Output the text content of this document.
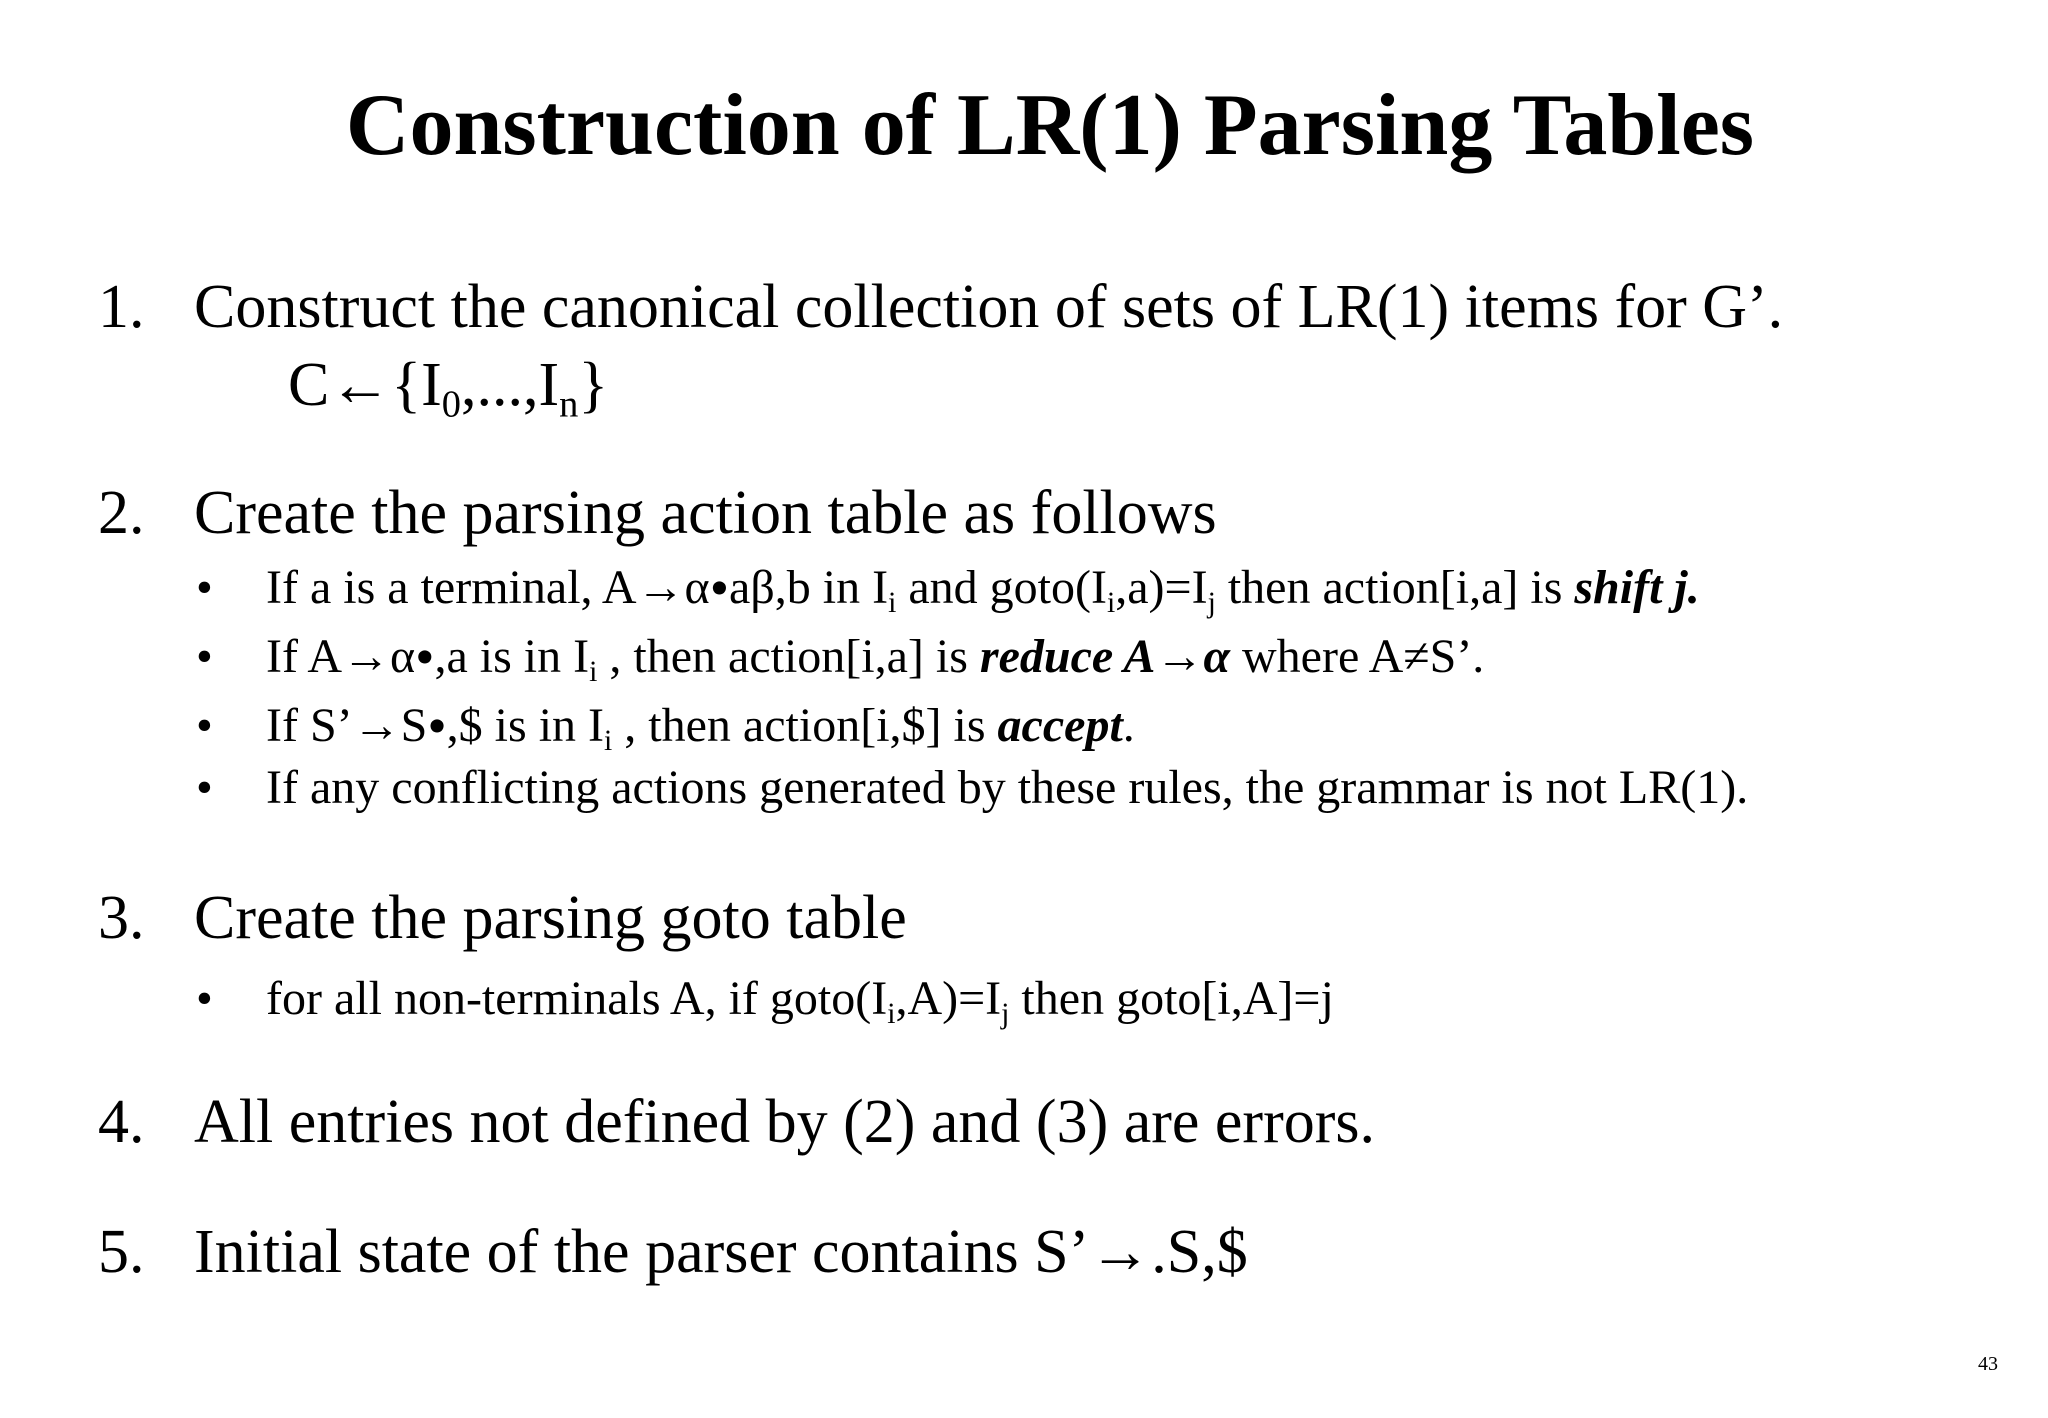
Construction of LR(1) Parsing Tables
1. Construct the canonical collection of sets of LR(1) items for G’.
$C\leftarrow\{I_0,...,I_n\}$
2. Create the parsing action table as follows
• If a is a terminal, A→α•aβ,b in $I_i$ and $goto(I_i,a)=I_j$ then action[i,a] is shift j.
• If A→α•,a is in $I_i$ , then action[i,a] is reduce A→α where A≠S’.
• If S’→S•,$ is in $I_i$ , then action[i,$] is accept.
• If any conflicting actions generated by these rules, the grammar is not LR(1).
3. Create the parsing goto table
• for all non-terminals A, if $goto(I_i,A)=I_j$ then goto[i,A]=j
4. All entries not defined by (2) and (3) are errors.
5. Initial state of the parser contains S’→.S,$
43
